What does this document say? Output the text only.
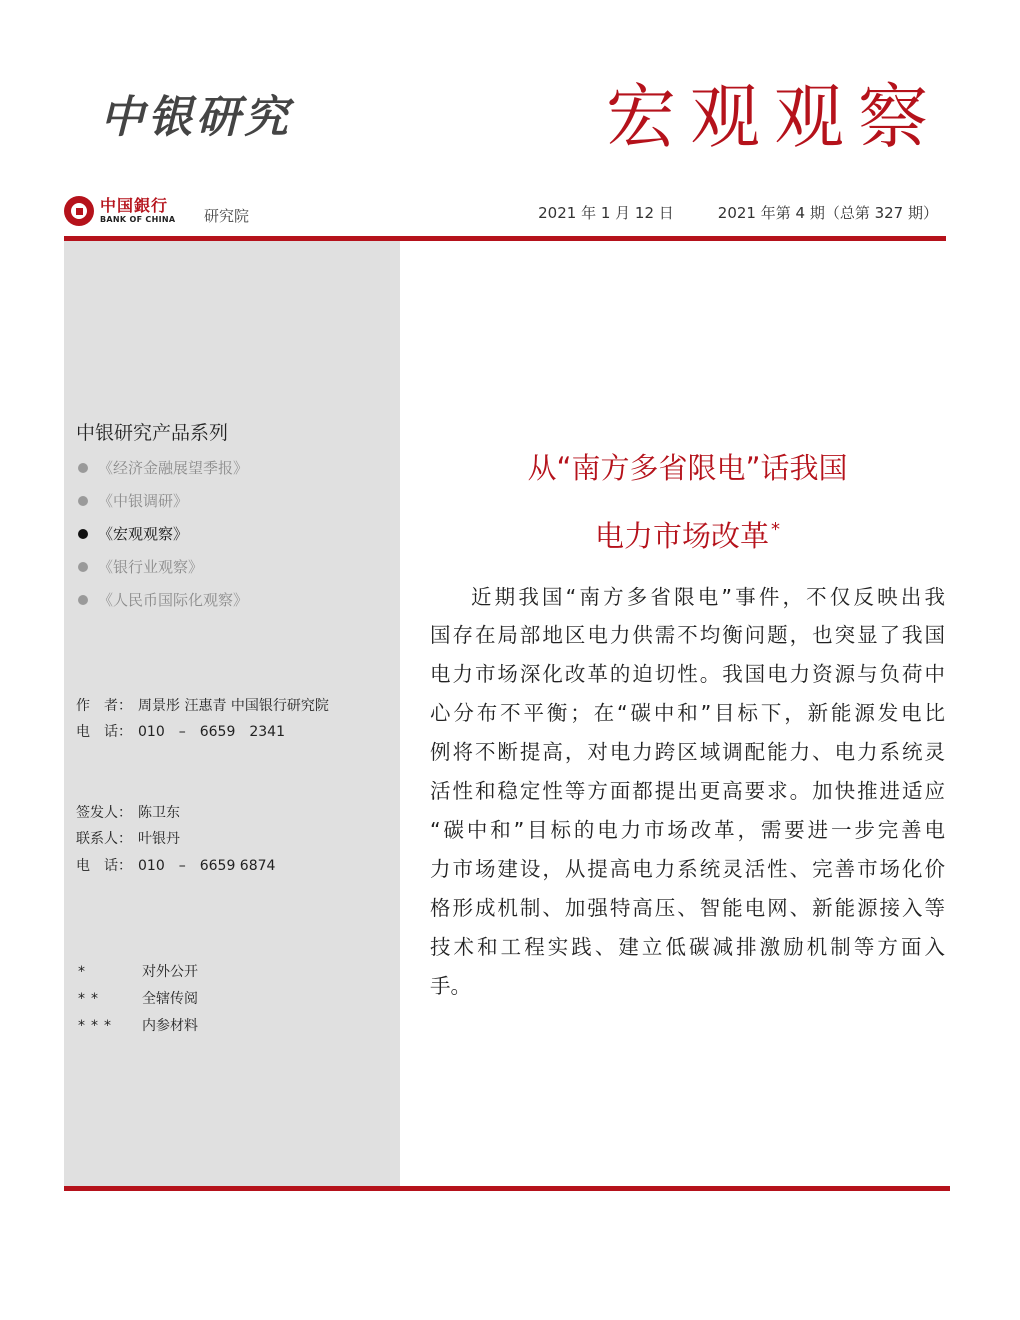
中银研究	宏观观察
中国銀行
BANK OF CHINA 研究院	2021 年 1 月 12 日	2021 年第 4 期（总第 327 期）
中银研究产品系列
《经济金融展望季报》
《中银调研》
《宏观观察》
《银行业观察》
《人民币国际化观察》
作　者： 周景彤 汪惠青 中国银行研究院
电　话： 010　–　6659　2341
签发人： 陈卫东
联系人： 叶银丹
电　话： 010　–　6659 6874
*	对外公开
**	全辖传阅
*** 内参材料
从“南方多省限电”话我国
电力市场改革 *
近期我国“南方多省限电”事件，不仅反映出我
国存在局部地区电力供需不均衡问题，也突显了我国
电力市场深化改革的迫切性。我国电力资源与负荷中
心分布不平衡；在“碳中和”目标下，新能源发电比
例将不断提高，对电力跨区域调配能力、电力系统灵
活性和稳定性等方面都提出更高要求。加快推进适应
“碳中和”目标的电力市场改革，需要进一步完善电
力市场建设，从提高电力系统灵活性、完善市场化价
格形成机制、加强特高压、智能电网、新能源接入等
技术和工程实践、建立低碳减排激励机制等方面入
手。
